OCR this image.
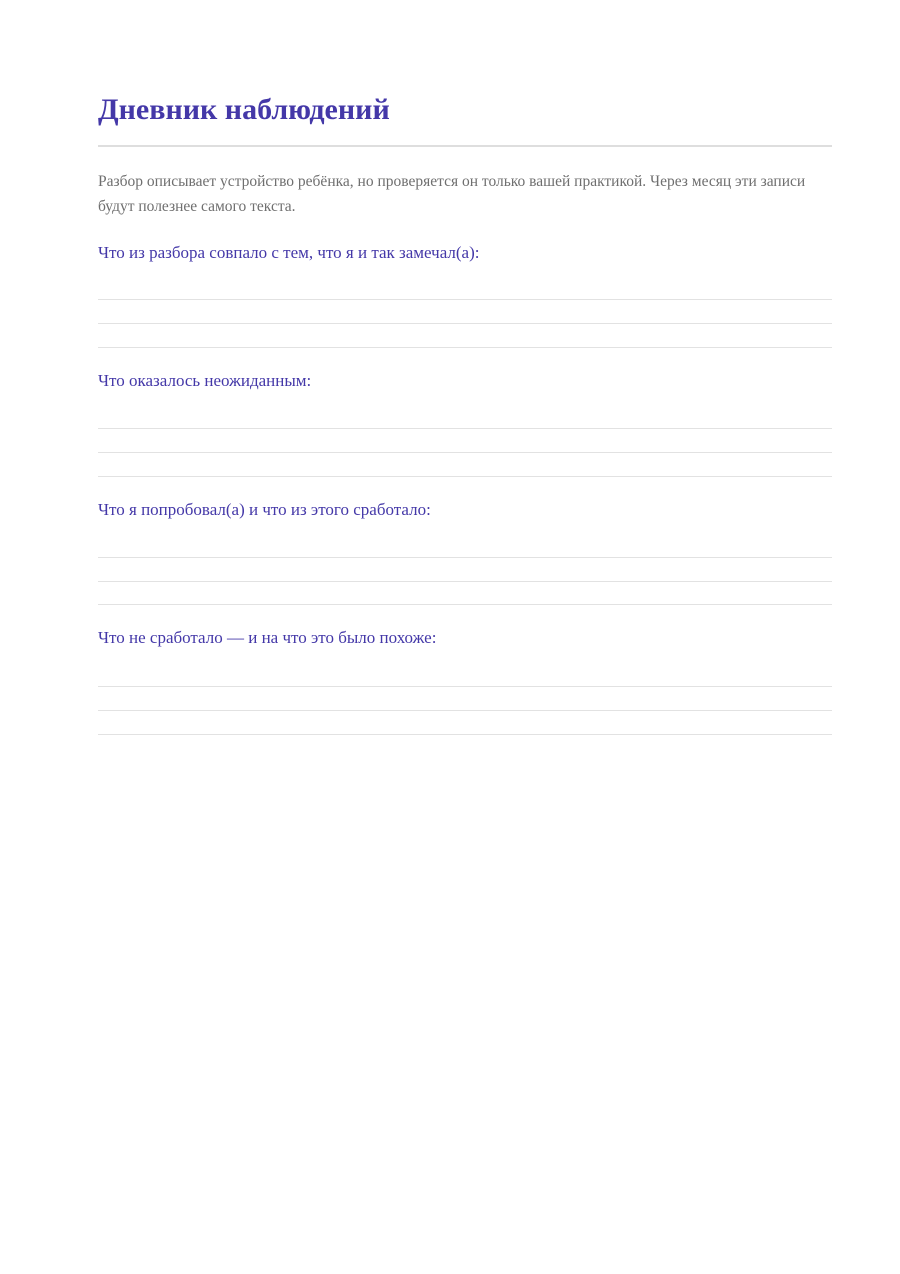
Дневник наблюдений

Разбор описывает устройство ребёнка, но проверяется он только вашей практикой. Через месяц эти записи будут полезнее самого текста.

Что из разбора совпало с тем, что я и так замечал(а):

Что оказалось неожиданным:

Что я попробовал(а) и что из этого сработало:

Что не сработало — и на что это было похоже:
